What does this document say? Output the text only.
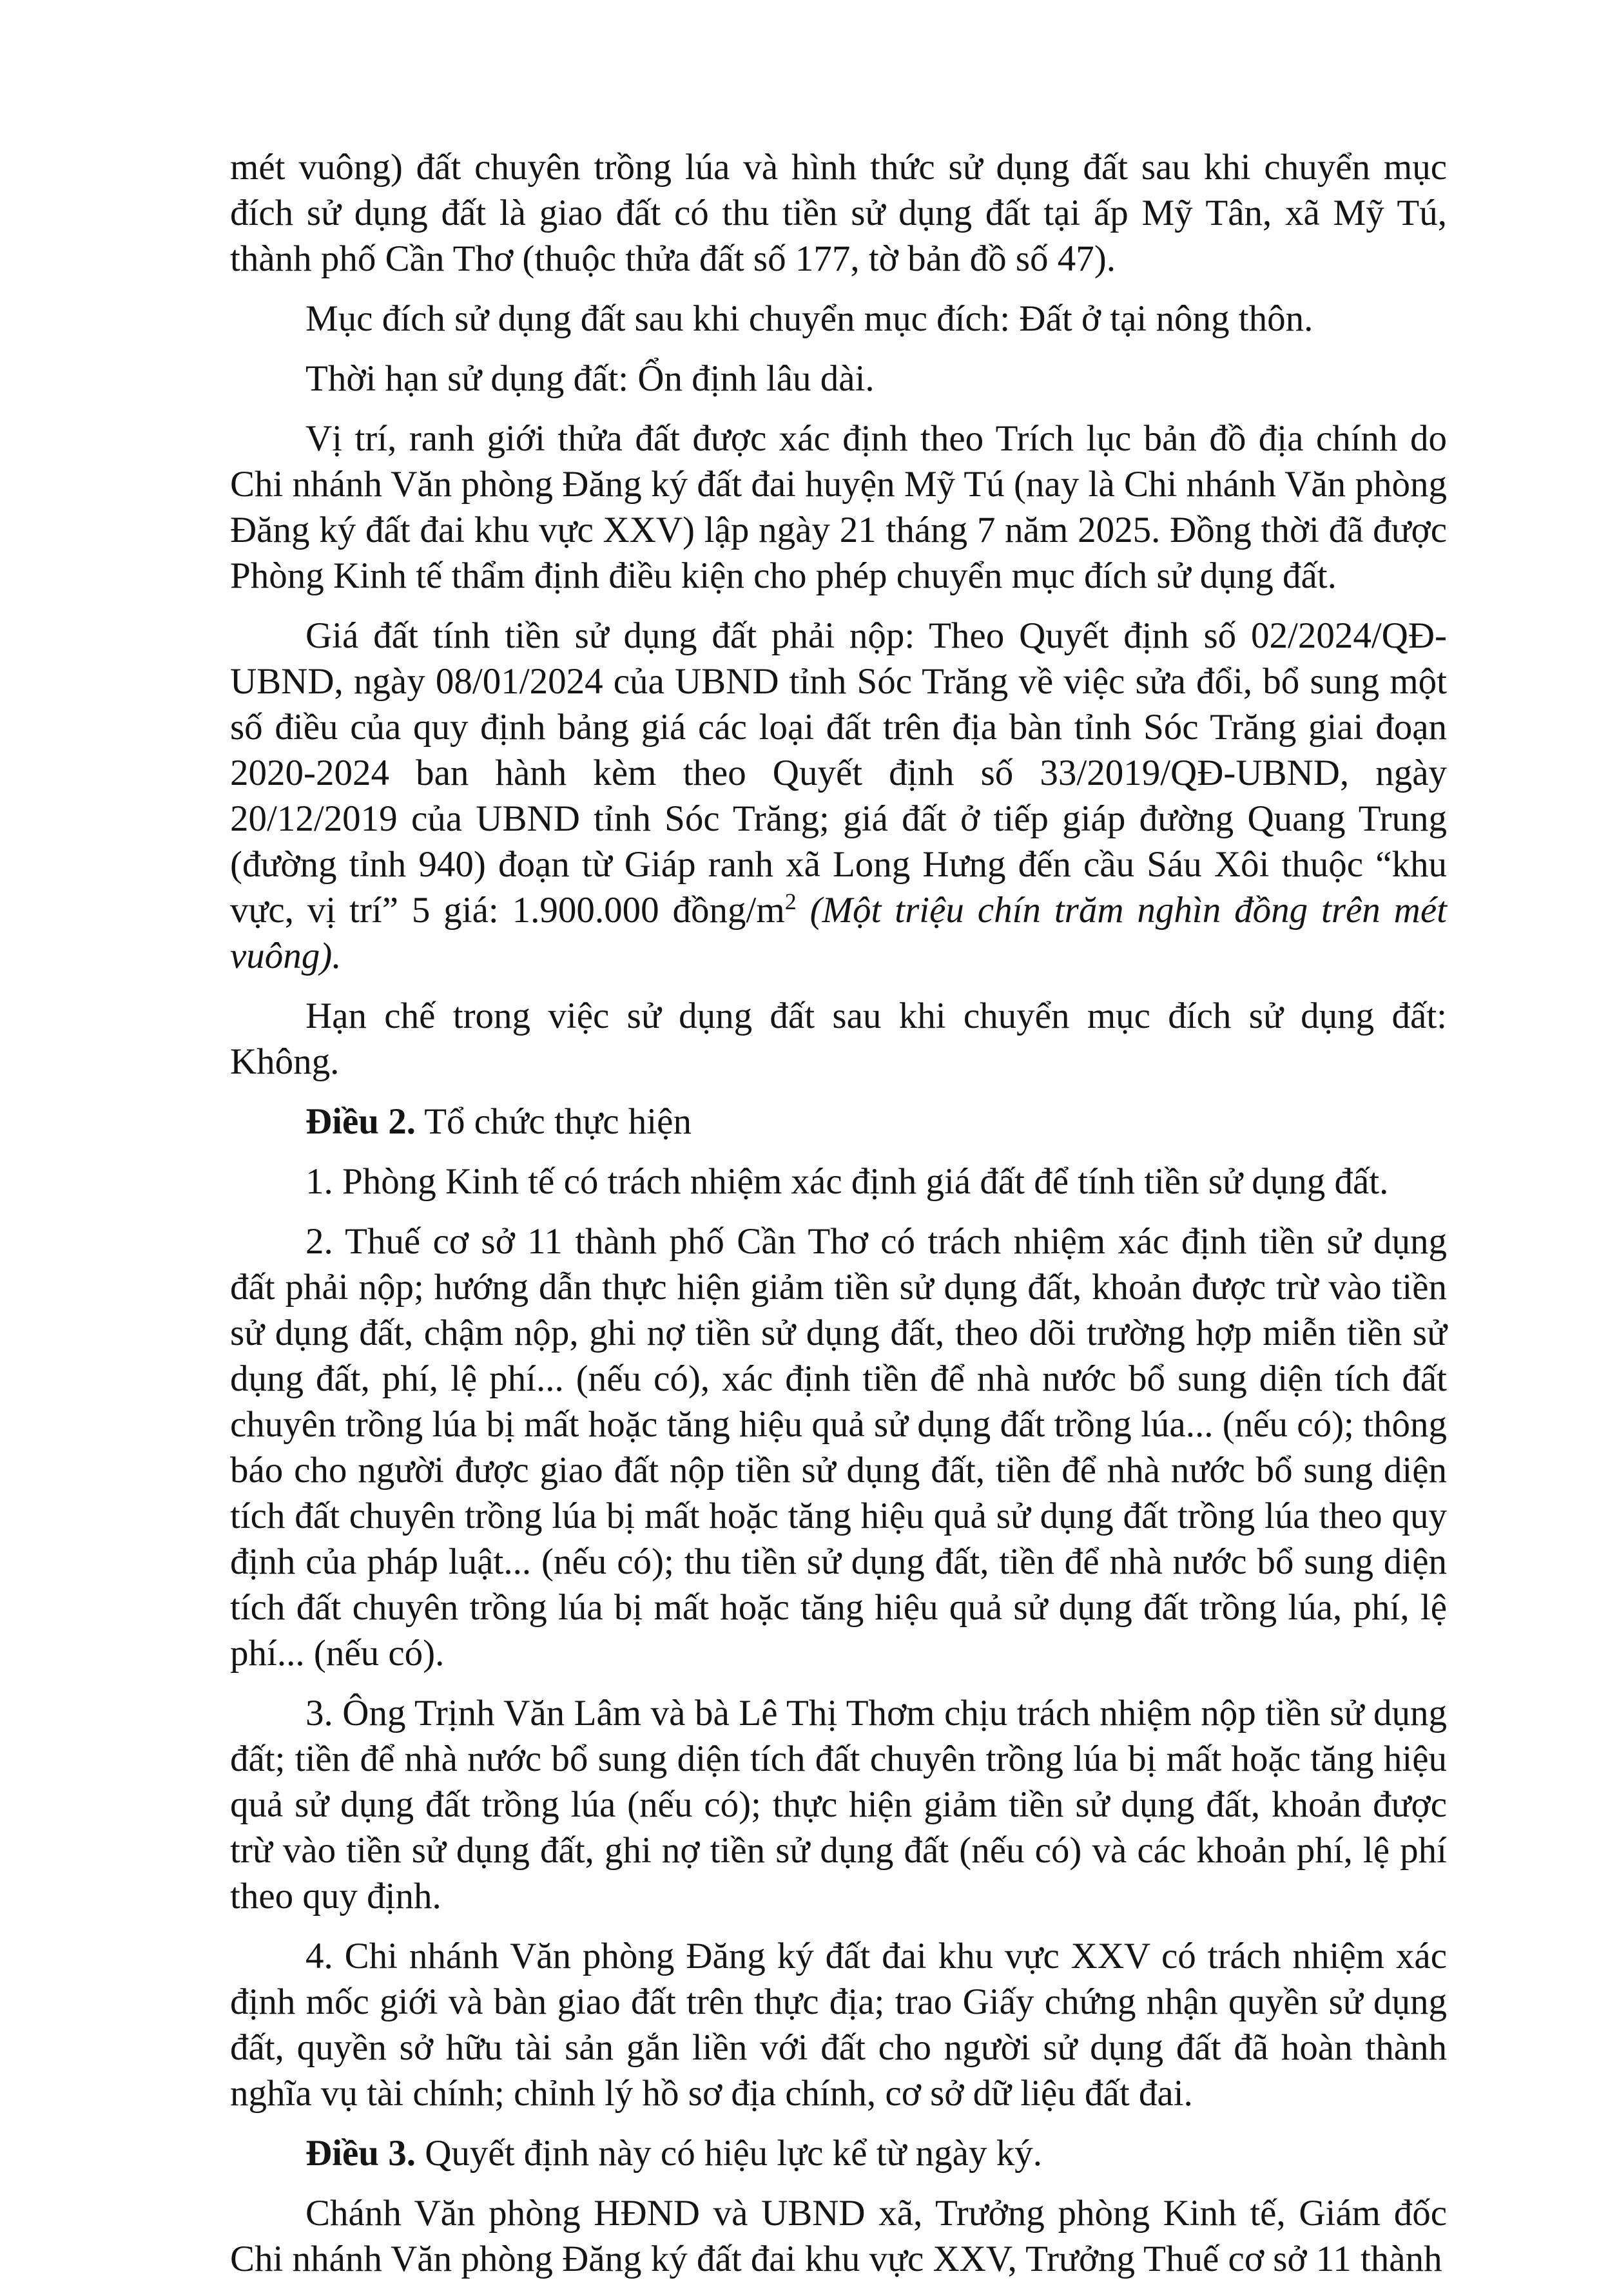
mét vuông) đất chuyên trồng lúa và hình thức sử dụng đất sau khi chuyển mục đích sử dụng đất là giao đất có thu tiền sử dụng đất tại ấp Mỹ Tân, xã Mỹ Tú, thành phố Cần Thơ (thuộc thửa đất số 177, tờ bản đồ số 47).

Mục đích sử dụng đất sau khi chuyển mục đích: Đất ở tại nông thôn.

Thời hạn sử dụng đất: Ổn định lâu dài.

Vị trí, ranh giới thửa đất được xác định theo Trích lục bản đồ địa chính do Chi nhánh Văn phòng Đăng ký đất đai huyện Mỹ Tú (nay là Chi nhánh Văn phòng Đăng ký đất đai khu vực XXV) lập ngày 21 tháng 7 năm 2025. Đồng thời đã được Phòng Kinh tế thẩm định điều kiện cho phép chuyển mục đích sử dụng đất.

Giá đất tính tiền sử dụng đất phải nộp: Theo Quyết định số 02/2024/QĐ-UBND, ngày 08/01/2024 của UBND tỉnh Sóc Trăng về việc sửa đổi, bổ sung một số điều của quy định bảng giá các loại đất trên địa bàn tỉnh Sóc Trăng giai đoạn 2020-2024 ban hành kèm theo Quyết định số 33/2019/QĐ-UBND, ngày 20/12/2019 của UBND tỉnh Sóc Trăng; giá đất ở tiếp giáp đường Quang Trung (đường tỉnh 940) đoạn từ Giáp ranh xã Long Hưng đến cầu Sáu Xôi thuộc “khu vực, vị trí” 5 giá: 1.900.000 đồng/$m^2$ (Một triệu chín trăm nghìn đồng trên mét vuông).

Hạn chế trong việc sử dụng đất sau khi chuyển mục đích sử dụng đất: Không.

Điều 2. Tổ chức thực hiện

1. Phòng Kinh tế có trách nhiệm xác định giá đất để tính tiền sử dụng đất.

2. Thuế cơ sở 11 thành phố Cần Thơ có trách nhiệm xác định tiền sử dụng đất phải nộp; hướng dẫn thực hiện giảm tiền sử dụng đất, khoản được trừ vào tiền sử dụng đất, chậm nộp, ghi nợ tiền sử dụng đất, theo dõi trường hợp miễn tiền sử dụng đất, phí, lệ phí... (nếu có), xác định tiền để nhà nước bổ sung diện tích đất chuyên trồng lúa bị mất hoặc tăng hiệu quả sử dụng đất trồng lúa... (nếu có); thông báo cho người được giao đất nộp tiền sử dụng đất, tiền để nhà nước bổ sung diện tích đất chuyên trồng lúa bị mất hoặc tăng hiệu quả sử dụng đất trồng lúa theo quy định của pháp luật... (nếu có); thu tiền sử dụng đất, tiền để nhà nước bổ sung diện tích đất chuyên trồng lúa bị mất hoặc tăng hiệu quả sử dụng đất trồng lúa, phí, lệ phí... (nếu có).

3. Ông Trịnh Văn Lâm và bà Lê Thị Thơm chịu trách nhiệm nộp tiền sử dụng đất; tiền để nhà nước bổ sung diện tích đất chuyên trồng lúa bị mất hoặc tăng hiệu quả sử dụng đất trồng lúa (nếu có); thực hiện giảm tiền sử dụng đất, khoản được trừ vào tiền sử dụng đất, ghi nợ tiền sử dụng đất (nếu có) và các khoản phí, lệ phí theo quy định.

4. Chi nhánh Văn phòng Đăng ký đất đai khu vực XXV có trách nhiệm xác định mốc giới và bàn giao đất trên thực địa; trao Giấy chứng nhận quyền sử dụng đất, quyền sở hữu tài sản gắn liền với đất cho người sử dụng đất đã hoàn thành nghĩa vụ tài chính; chỉnh lý hồ sơ địa chính, cơ sở dữ liệu đất đai.

Điều 3. Quyết định này có hiệu lực kể từ ngày ký.

Chánh Văn phòng HĐND và UBND xã, Trưởng phòng Kinh tế, Giám đốc Chi nhánh Văn phòng Đăng ký đất đai khu vực XXV, Trưởng Thuế cơ sở 11 thành
